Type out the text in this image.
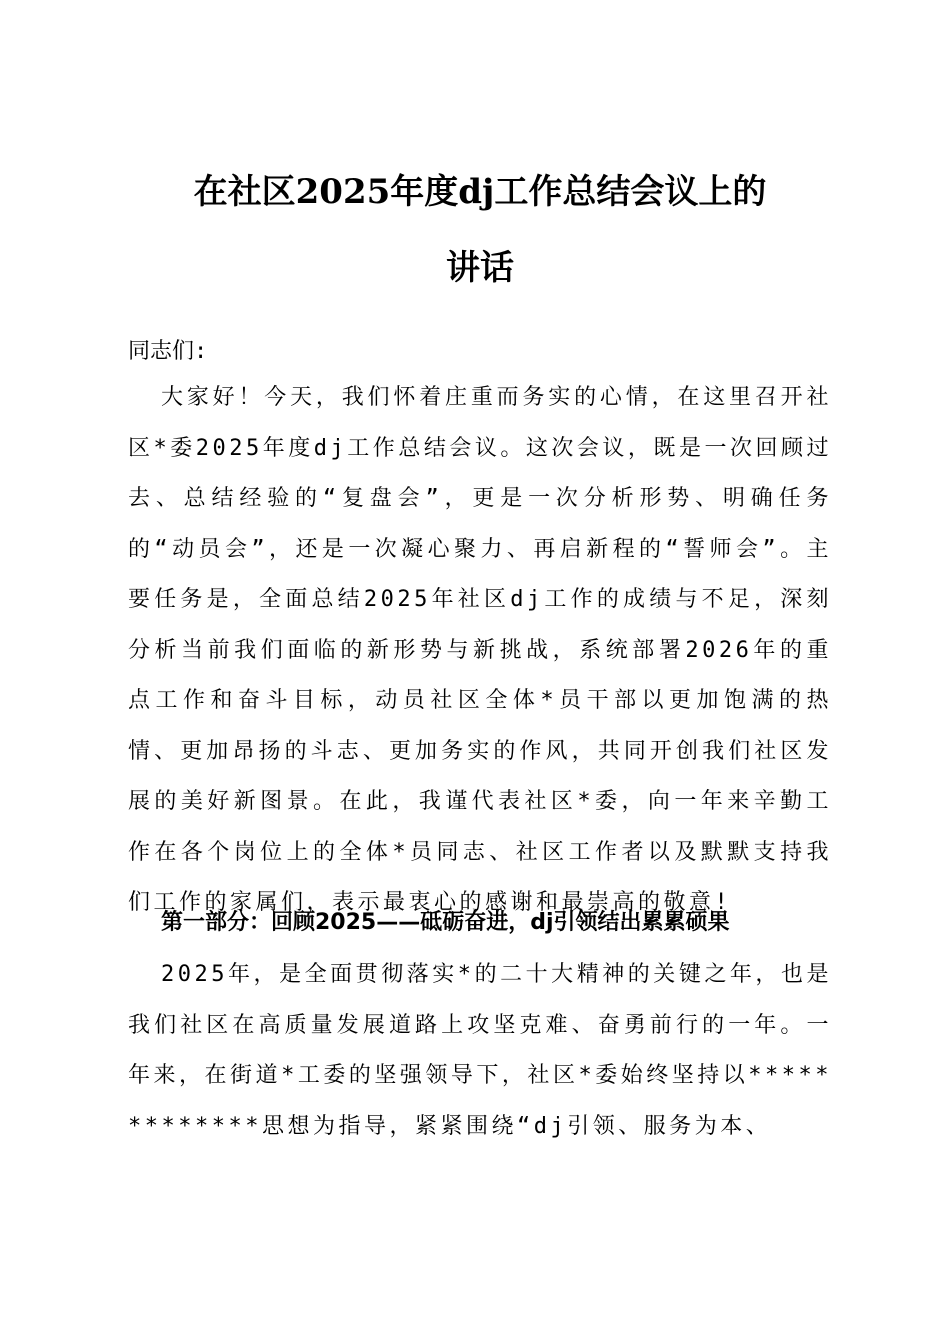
在社区2025年度dj工作总结会议上的
讲话

同志们:

大家好！今天，我们怀着庄重而务实的心情，在这里召开社区*委2025年度dj工作总结会议。这次会议，既是一次回顾过去、总结经验的“复盘会”，更是一次分析形势、明确任务的“动员会”，还是一次凝心聚力、再启新程的“誓师会”。主要任务是，全面总结2025年社区dj工作的成绩与不足，深刻分析当前我们面临的新形势与新挑战，系统部署2026年的重点工作和奋斗目标，动员社区全体*员干部以更加饱满的热情、更加昂扬的斗志、更加务实的作风，共同开创我们社区发展的美好新图景。在此，我谨代表社区*委，向一年来辛勤工作在各个岗位上的全体*员同志、社区工作者以及默默支持我们工作的家属们，表示最衷心的感谢和最崇高的敬意!

第一部分：回顾2025——砥砺奋进，dj引领结出累累硕果

2025年，是全面贯彻落实*的二十大精神的关键之年，也是我们社区在高质量发展道路上攻坚克难、奋勇前行的一年。一年来，在街道*工委的坚强领导下，社区*委始终坚持以*************思想为指导，紧紧围绕“dj引领、服务为本、
